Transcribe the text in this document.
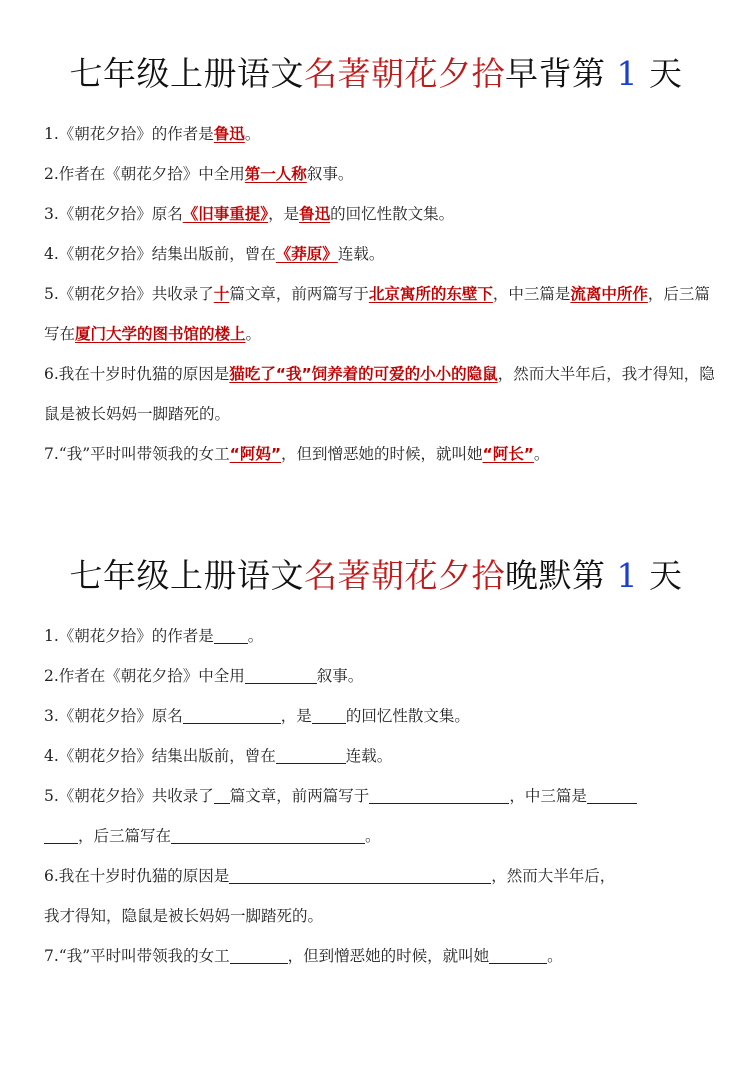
七年级上册语文名著朝花夕拾早背第 1 天
1.《朝花夕拾》的作者是鲁迅。
2.作者在《朝花夕拾》中全用第一人称叙事。
3.《朝花夕拾》原名《旧事重提》，是鲁迅的回忆性散文集。
4.《朝花夕拾》结集出版前，曾在《莽原》连载。
5.《朝花夕拾》共收录了十篇文章，前两篇写于北京寓所的东壁下，中三篇是流离中所作，后三篇写在厦门大学的图书馆的楼上。
6.我在十岁时仇猫的原因是猫吃了“我”饲养着的可爱的小小的隐鼠，然而大半年后，我才得知，隐鼠是被长妈妈一脚踏死的。
7.“我”平时叫带领我的女工“阿妈”，但到憎恶她的时候，就叫她“阿长”。
七年级上册语文名著朝花夕拾晚默第 1 天
1.《朝花夕拾》的作者是 。
2.作者在《朝花夕拾》中全用	叙事。
3.《朝花夕拾》原名	，是 的回忆性散文集。
4.《朝花夕拾》结集出版前，曾在	连载。
5.《朝花夕拾》共收录了 篇文章，前两篇写于	，中三篇是
，后三篇写在	。
6.我在十岁时仇猫的原因是	，然而大半年后，
我才得知，隐鼠是被长妈妈一脚踏死的。
7.“我”平时叫带领我的女工	，但到憎恶她的时候，就叫她	。
